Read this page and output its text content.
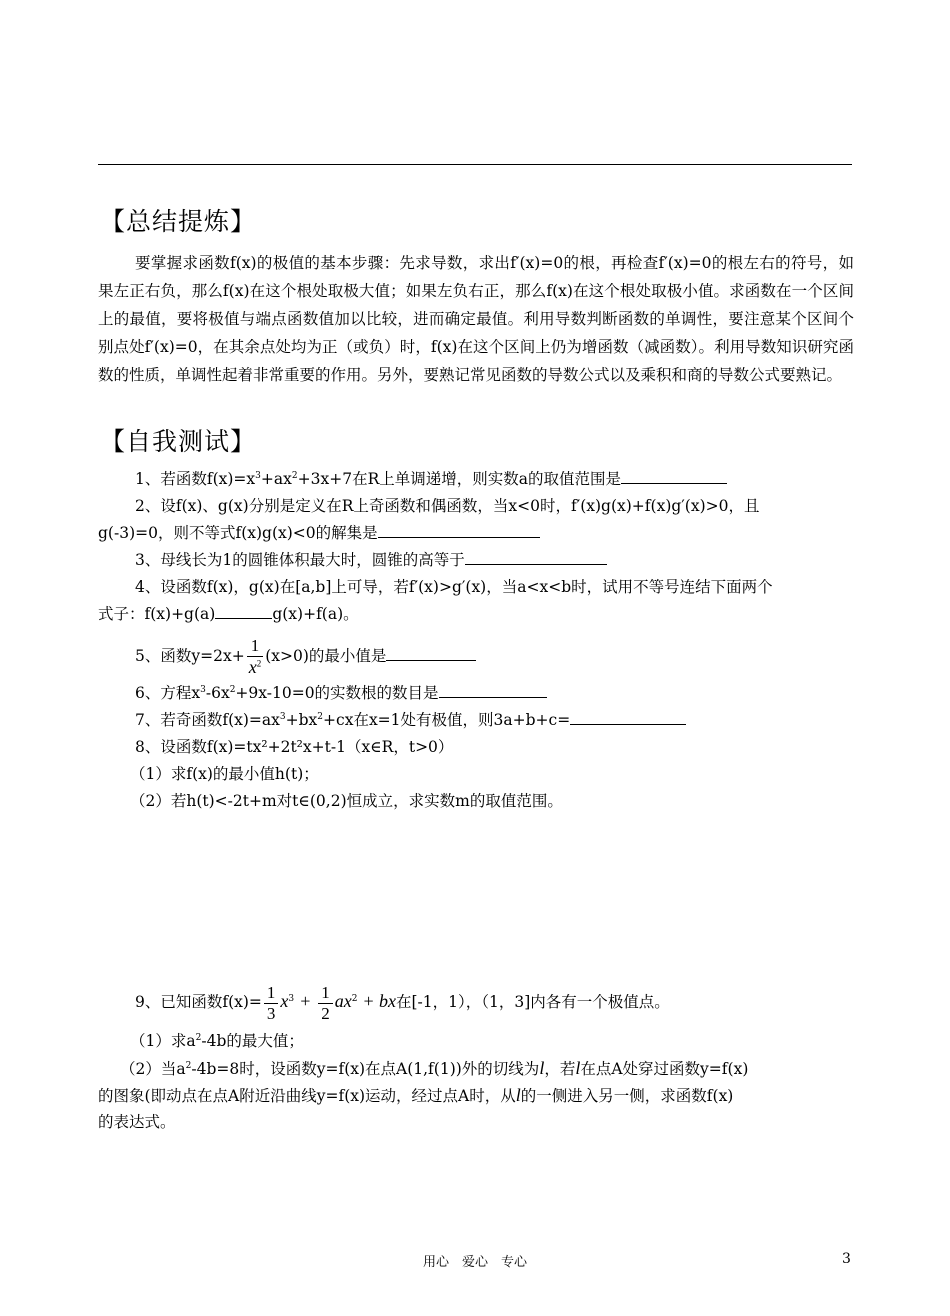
【总结提炼】
要掌握求函数f(x)的极值的基本步骤：先求导数，求出f′(x)=0的根，再检查f′(x)=0的根左右的符号，如果左正右负，那么f(x)在这个根处取极大值；如果左负右正，那么f(x)在这个根处取极小值。求函数在一个区间上的最值，要将极值与端点函数值加以比较，进而确定最值。利用导数判断函数的单调性，要注意某个区间个别点处f′(x)=0，在其余点处均为正（或负）时，f(x)在这个区间上仍为增函数（减函数）。利用导数知识研究函数的性质，单调性起着非常重要的作用。另外，要熟记常见函数的导数公式以及乘积和商的导数公式要熟记。
【自我测试】
1、若函数$f(x)=x^3+ax^2+3x+7$在R上单调递增，则实数a的取值范围是
2、设f(x)、g(x)分别是定义在R上奇函数和偶函数，当x<0时，f′(x)g(x)+f(x)g′(x)>0，且
g(-3)=0，则不等式f(x)g(x)<0的解集是
3、母线长为1的圆锥体积最大时，圆锥的高等于
4、设函数f(x)，g(x)在[a,b]上可导，若f′(x)>g′(x)，当a<x<b时，试用不等号连结下面两个
式子：f(x)+g(a)	g(x)+f(a)。
5、函数$y=2x+ \frac{1}{x^2} (x>0)$的最小值是
6、方程$x^3-6x^2+9x-10=0$的实数根的数目是
7、若奇函数$f(x)=ax^3+bx^2+cx$在x=1处有极值，则3a+b+c=
8、设函数f(x)=tx²+2t²x+t-1（x∈R，t>0）
（1）求f(x)的最小值h(t)；
（2）若h(t)<-2t+m对t∈(0,2)恒成立，求实数m的取值范围。
9、已知函数$f(x)= \frac{1}{3} x^3 + \frac{1}{2} ax^2$ + bx在[-1，1），（1，3]内各有一个极值点。
（1）求$a^2-4b$的最大值；
（2）当$a^2-4b=8$时，设函数y=f(x)在点A(1,f(1))外的切线为l，若l在点A处穿过函数y=f(x)
的图象(即动点在点A附近沿曲线y=f(x)运动，经过点A时，从l的一侧进入另一侧，求函数f(x)
的表达式。
用心　爱心　专心	3
